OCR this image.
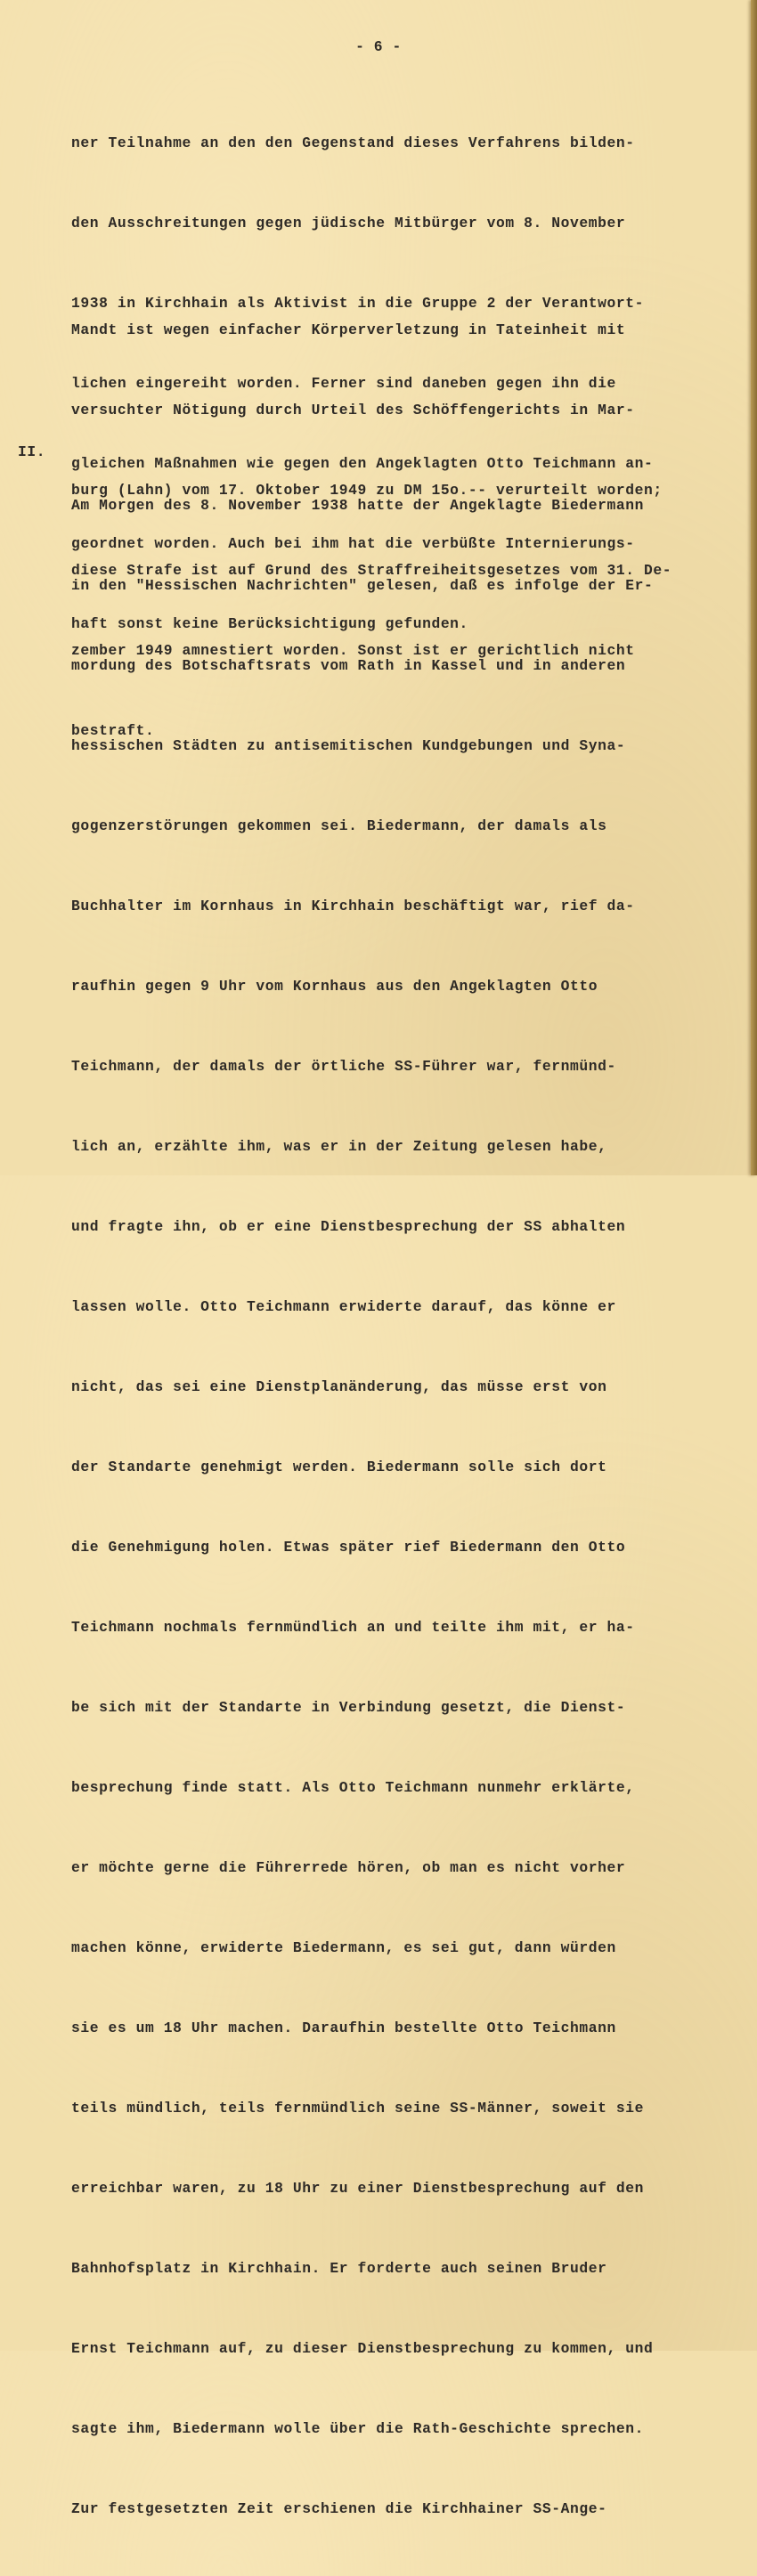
- 6 -

ner Teilnahme an den den Gegenstand dieses Verfahrens bilden-

den Ausschreitungen gegen jüdische Mitbürger vom 8. November

1938 in Kirchhain als Aktivist in die Gruppe 2 der Verantwort-

lichen eingereiht worden. Ferner sind daneben gegen ihn die

gleichen Maßnahmen wie gegen den Angeklagten Otto Teichmann an-

geordnet worden. Auch bei ihm hat die verbüßte Internierungs-

haft sonst keine Berücksichtigung gefunden.

Mandt ist wegen einfacher Körperverletzung in Tateinheit mit

versuchter Nötigung durch Urteil des Schöffengerichts in Mar-

burg (Lahn) vom 17. Oktober 1949 zu DM 15o.-- verurteilt worden;

diese Strafe ist auf Grund des Straffreiheitsgesetzes vom 31. De-

zember 1949 amnestiert worden. Sonst ist er gerichtlich nicht

bestraft.

II.

Am Morgen des 8. November 1938 hatte der Angeklagte Biedermann

in den "Hessischen Nachrichten" gelesen, daß es infolge der Er-

mordung des Botschaftsrats vom Rath in Kassel und in anderen

hessischen Städten zu antisemitischen Kundgebungen und Syna-

gogenzerstörungen gekommen sei. Biedermann, der damals als

Buchhalter im Kornhaus in Kirchhain beschäftigt war, rief da-

raufhin gegen 9 Uhr vom Kornhaus aus den Angeklagten Otto

Teichmann, der damals der örtliche SS-Führer war, fernmünd-

lich an, erzählte ihm, was er in der Zeitung gelesen habe,

und fragte ihn, ob er eine Dienstbesprechung der SS abhalten

lassen wolle. Otto Teichmann erwiderte darauf, das könne er

nicht, das sei eine Dienstplanänderung, das müsse erst von

der Standarte genehmigt werden. Biedermann solle sich dort

die Genehmigung holen. Etwas später rief Biedermann den Otto

Teichmann nochmals fernmündlich an und teilte ihm mit, er ha-

be sich mit der Standarte in Verbindung gesetzt, die Dienst-

besprechung finde statt. Als Otto Teichmann nunmehr erklärte,

er möchte gerne die Führerrede hören, ob man es nicht vorher

machen könne, erwiderte Biedermann, es sei gut, dann würden

sie es um 18 Uhr machen. Daraufhin bestellte Otto Teichmann

teils mündlich, teils fernmündlich seine SS-Männer, soweit sie

erreichbar waren, zu 18 Uhr zu einer Dienstbesprechung auf den

Bahnhofsplatz in Kirchhain. Er forderte auch seinen Bruder

Ernst Teichmann auf, zu dieser Dienstbesprechung zu kommen, und

sagte ihm, Biedermann wolle über die Rath-Geschichte sprechen.

Zur festgesetzten Zeit erschienen die Kirchhainer SS-Ange-
